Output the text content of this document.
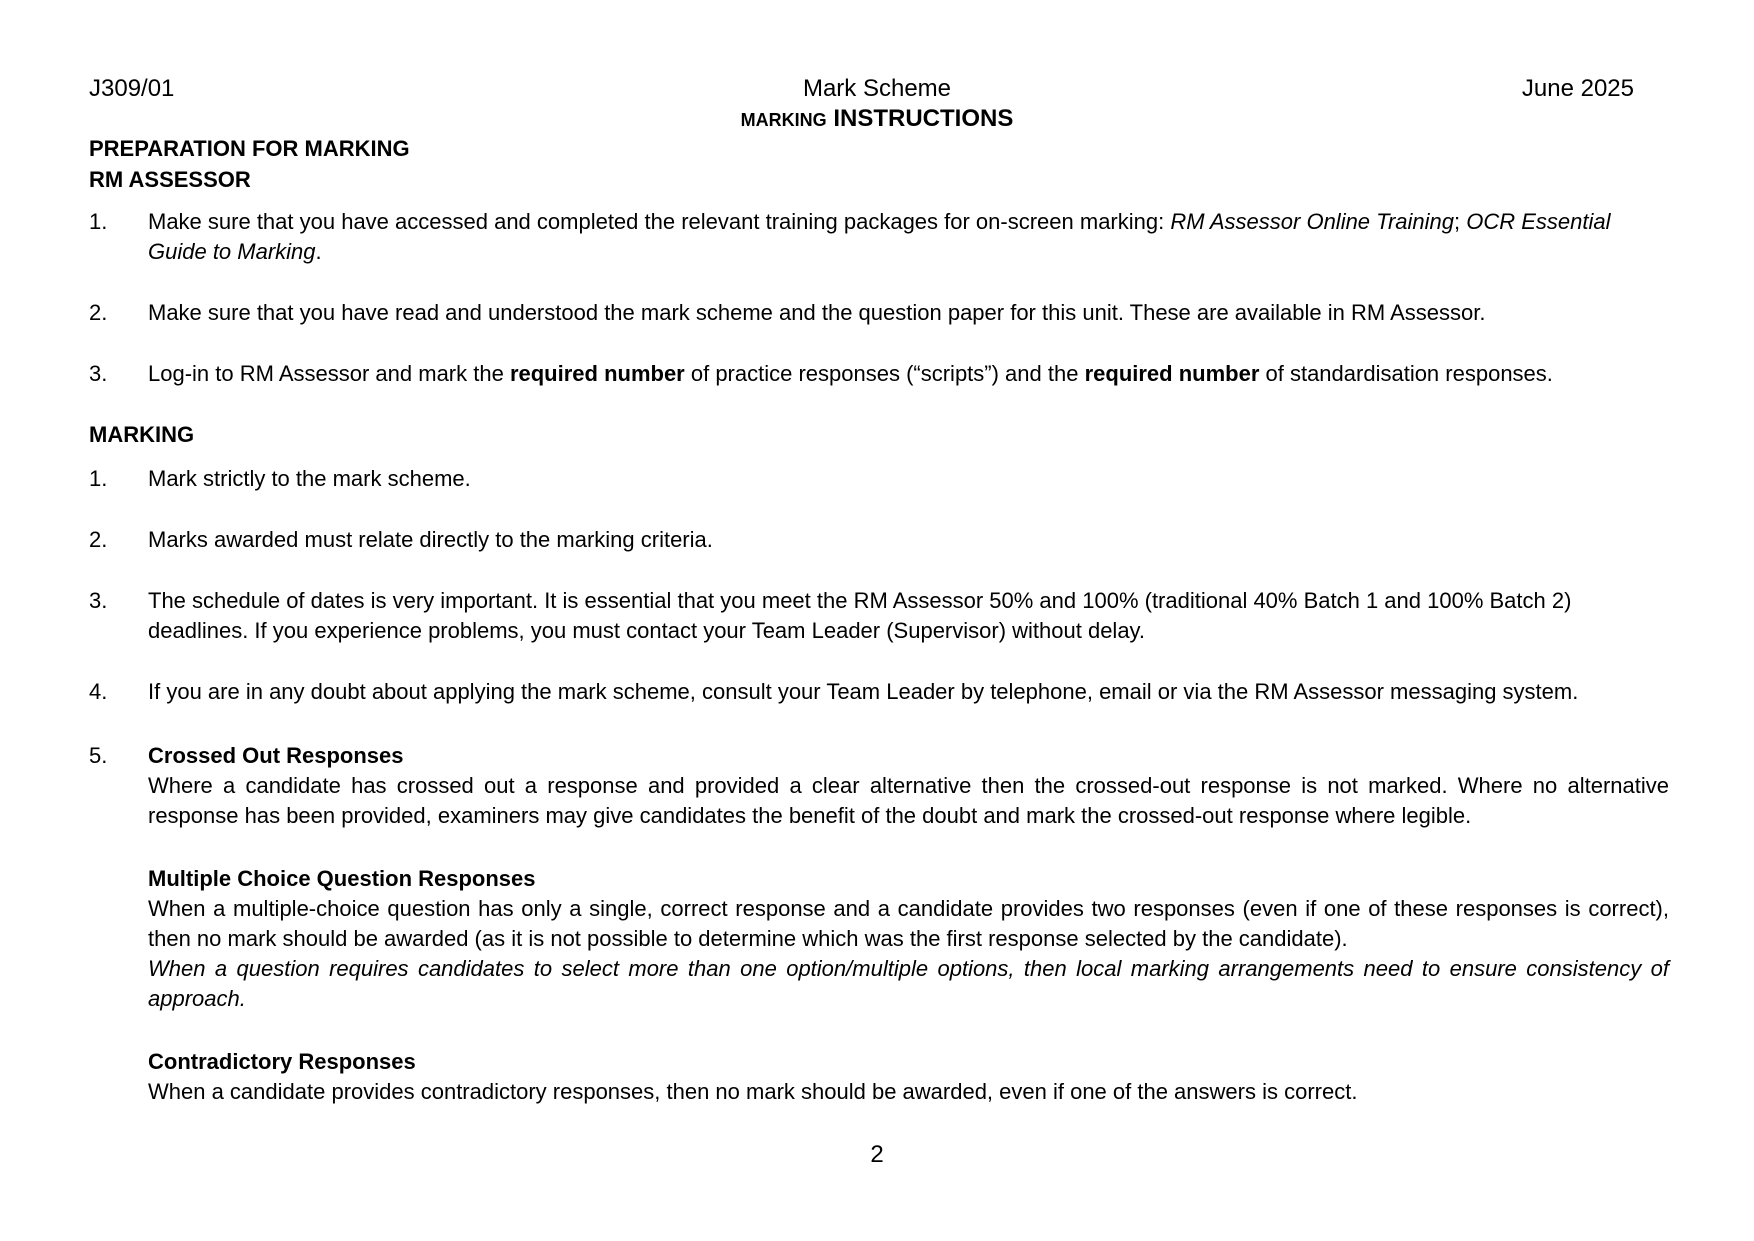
J309/01	Mark Scheme	June 2025
MARKING INSTRUCTIONS
PREPARATION FOR MARKING
RM ASSESSOR
1.	Make sure that you have accessed and completed the relevant training packages for on-screen marking: RM Assessor Online Training; OCR Essential Guide to Marking.
2.	Make sure that you have read and understood the mark scheme and the question paper for this unit. These are available in RM Assessor.
3.	Log-in to RM Assessor and mark the required number of practice responses (“scripts”) and the required number of standardisation responses.
MARKING
1.	Mark strictly to the mark scheme.
2.	Marks awarded must relate directly to the marking criteria.
3.	The schedule of dates is very important. It is essential that you meet the RM Assessor 50% and 100% (traditional 40% Batch 1 and 100% Batch 2) deadlines. If you experience problems, you must contact your Team Leader (Supervisor) without delay.
4.	If you are in any doubt about applying the mark scheme, consult your Team Leader by telephone, email or via the RM Assessor messaging system.
5.	Crossed Out Responses
Where a candidate has crossed out a response and provided a clear alternative then the crossed-out response is not marked. Where no alternative response has been provided, examiners may give candidates the benefit of the doubt and mark the crossed-out response where legible.
Multiple Choice Question Responses
When a multiple-choice question has only a single, correct response and a candidate provides two responses (even if one of these responses is correct), then no mark should be awarded (as it is not possible to determine which was the first response selected by the candidate).
When a question requires candidates to select more than one option/multiple options, then local marking arrangements need to ensure consistency of approach.
Contradictory Responses
When a candidate provides contradictory responses, then no mark should be awarded, even if one of the answers is correct.
2
